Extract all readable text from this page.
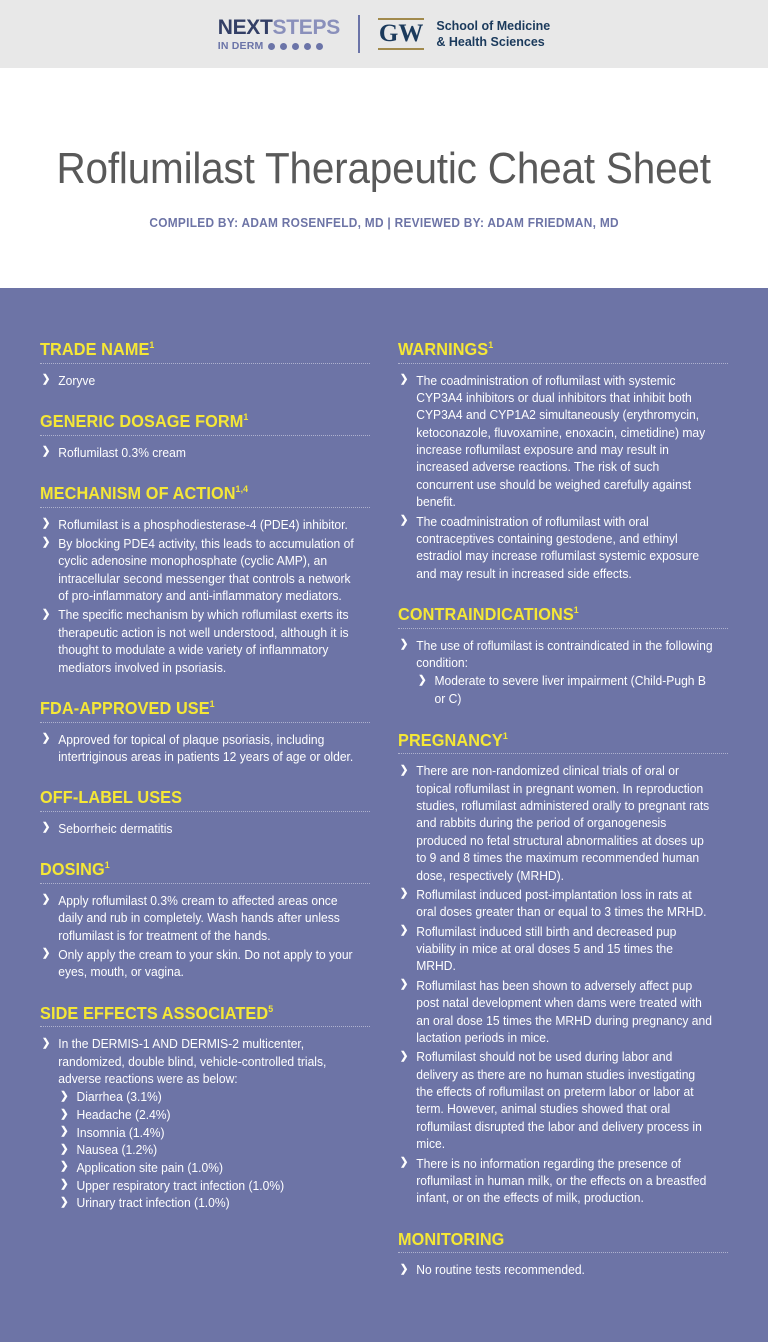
NEXTSTEPS
IN DERM	GW School of Medicine
& Health Sciences
Roflumilast Therapeutic Cheat Sheet
COMPILED BY: ADAM ROSENFELD, MD | REVIEWED BY: ADAM FRIEDMAN, MD
TRADE NAME$^1$
❯ Zoryve
GENERIC DOSAGE FORM$^1$
❯ Roflumilast 0.3% cream
MECHANISM OF ACTION$^{1,4}$
❯ Roflumilast is a phosphodiesterase-4 (PDE4) inhibitor.
❯ By blocking PDE4 activity, this leads to accumulation of cyclic adenosine monophosphate (cyclic AMP), an intracellular second messenger that controls a network of pro-inflammatory and anti-inflammatory mediators.
❯ The specific mechanism by which roflumilast exerts its therapeutic action is not well understood, although it is thought to modulate a wide variety of inflammatory mediators involved in psoriasis.
FDA-APPROVED USE$^1$
❯ Approved for topical of plaque psoriasis, including intertriginous areas in patients 12 years of age or older.
OFF-LABEL USES
❯ Seborrheic dermatitis
DOSING$^1$
❯ Apply roflumilast 0.3% cream to affected areas once daily and rub in completely. Wash hands after unless roflumilast is for treatment of the hands.
❯ Only apply the cream to your skin. Do not apply to your eyes, mouth, or vagina.
SIDE EFFECTS ASSOCIATED$^5$
❯ In the DERMIS-1 AND DERMIS-2 multicenter, randomized, double blind, vehicle-controlled trials, adverse reactions were as below:
❯ Diarrhea (3.1%)
❯ Headache (2.4%)
❯ Insomnia (1.4%)
❯ Nausea (1.2%)
❯ Application site pain (1.0%)
❯ Upper respiratory tract infection (1.0%)
❯ Urinary tract infection (1.0%)
WARNINGS$^1$
❯ The coadministration of roflumilast with systemic CYP3A4 inhibitors or dual inhibitors that inhibit both CYP3A4 and CYP1A2 simultaneously (erythromycin, ketoconazole, fluvoxamine, enoxacin, cimetidine) may increase roflumilast exposure and may result in increased adverse reactions. The risk of such concurrent use should be weighed carefully against benefit.
❯ The coadministration of roflumilast with oral contraceptives containing gestodene, and ethinyl estradiol may increase roflumilast systemic exposure and may result in increased side effects.
CONTRAINDICATIONS$^1$
❯ The use of roflumilast is contraindicated in the following condition:
❯ Moderate to severe liver impairment (Child-Pugh B or C)
PREGNANCY$^1$
❯ There are non-randomized clinical trials of oral or topical roflumilast in pregnant women. In reproduction studies, roflumilast administered orally to pregnant rats and rabbits during the period of organogenesis produced no fetal structural abnormalities at doses up to 9 and 8 times the maximum recommended human dose, respectively (MRHD).
❯ Roflumilast induced post-implantation loss in rats at oral doses greater than or equal to 3 times the MRHD.
❯ Roflumilast induced still birth and decreased pup viability in mice at oral doses 5 and 15 times the MRHD.
❯ Roflumilast has been shown to adversely affect pup post natal development when dams were treated with an oral dose 15 times the MRHD during pregnancy and lactation periods in mice.
❯ Roflumilast should not be used during labor and delivery as there are no human studies investigating the effects of roflumilast on preterm labor or labor at term. However, animal studies showed that oral roflumilast disrupted the labor and delivery process in mice.
❯ There is no information regarding the presence of roflumilast in human milk, or the effects on a breastfed infant, or on the effects of milk, production.
MONITORING
❯ No routine tests recommended.
